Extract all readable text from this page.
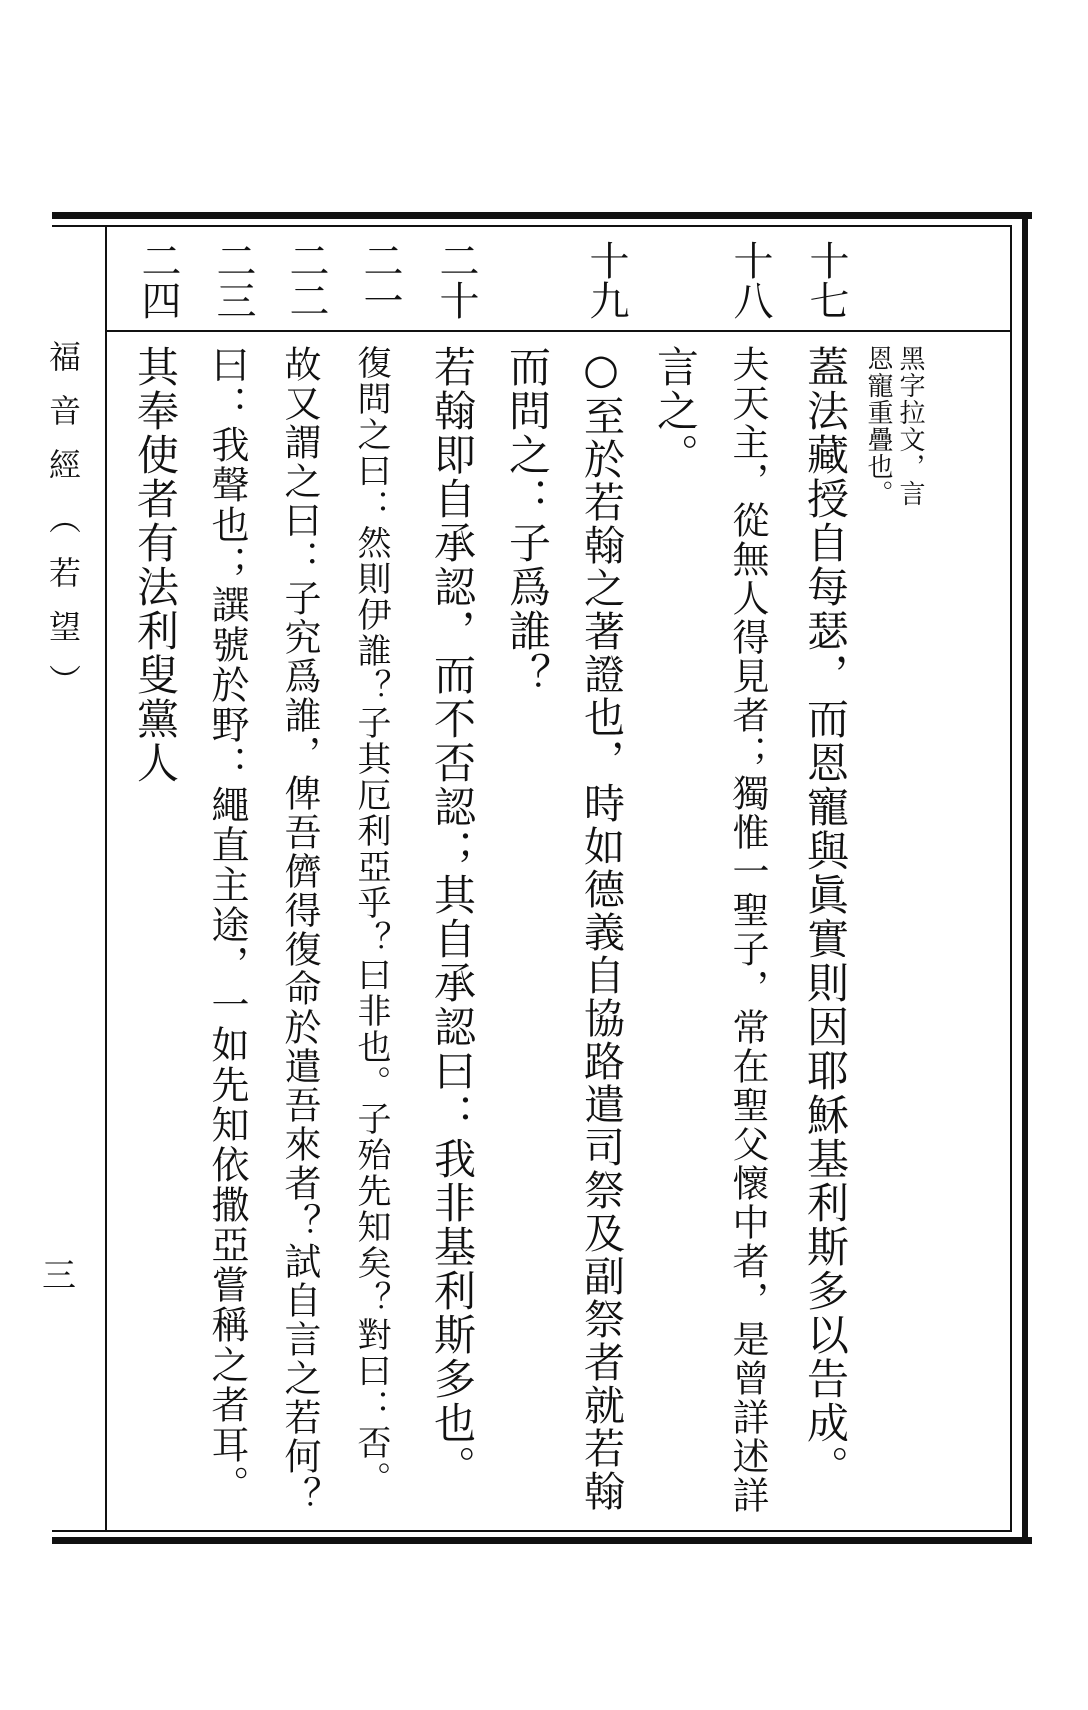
福音經（若望）
三
十七
十八
十九
二十
二一
二二
二三
二四
黑字拉文，言
恩寵重疊也。
蓋法藏授自每瑟，而恩寵與眞實則因耶穌基利斯多以告成。
夫天主，從無人得見者；獨惟一聖子，常在聖父懷中者，是曾詳述詳
言之。
○至於若翰之著證也，時如德義自協路遣司祭及副祭者就若翰
而問之：子爲誰？
若翰即自承認，而不否認；其自承認曰：我非基利斯多也。
復問之曰：然則伊誰？子其厄利亞乎？曰非也。子殆先知矣？對曰：否。
故又謂之曰：子究爲誰，俾吾儕得復命於遣吾來者？試自言之若何？
曰：我聲也；譔號於野：繩直主途，一如先知依撒亞嘗稱之者耳。
其奉使者有法利叟黨人
